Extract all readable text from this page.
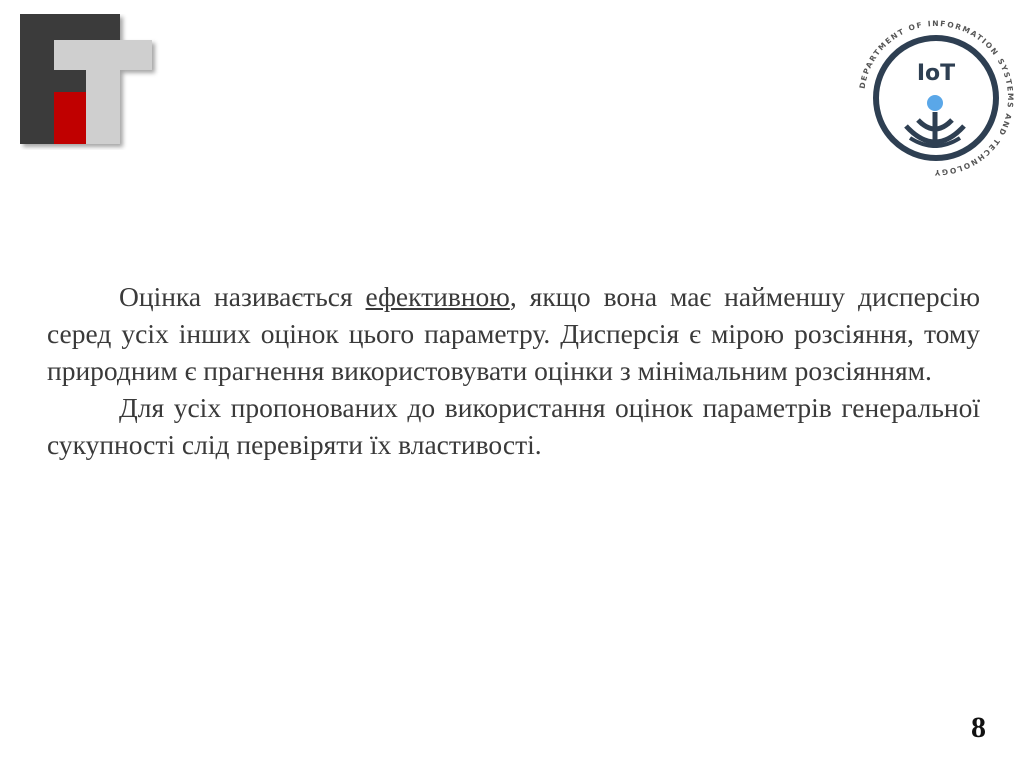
DEPARTMENT OF INFORMATION SYSTEMS AND TECHNOLOGY
IoT

Оцінка називається ефективною, якщо вона має найменшу дисперсію серед усіх інших оцінок цього параметру. Дисперсія є мірою розсіяння, тому природним є прагнення використовувати оцінки з мінімальним розсіянням.

Для усіх пропонованих до використання оцінок параметрів генеральної сукупності слід перевіряти їх властивості.

8
